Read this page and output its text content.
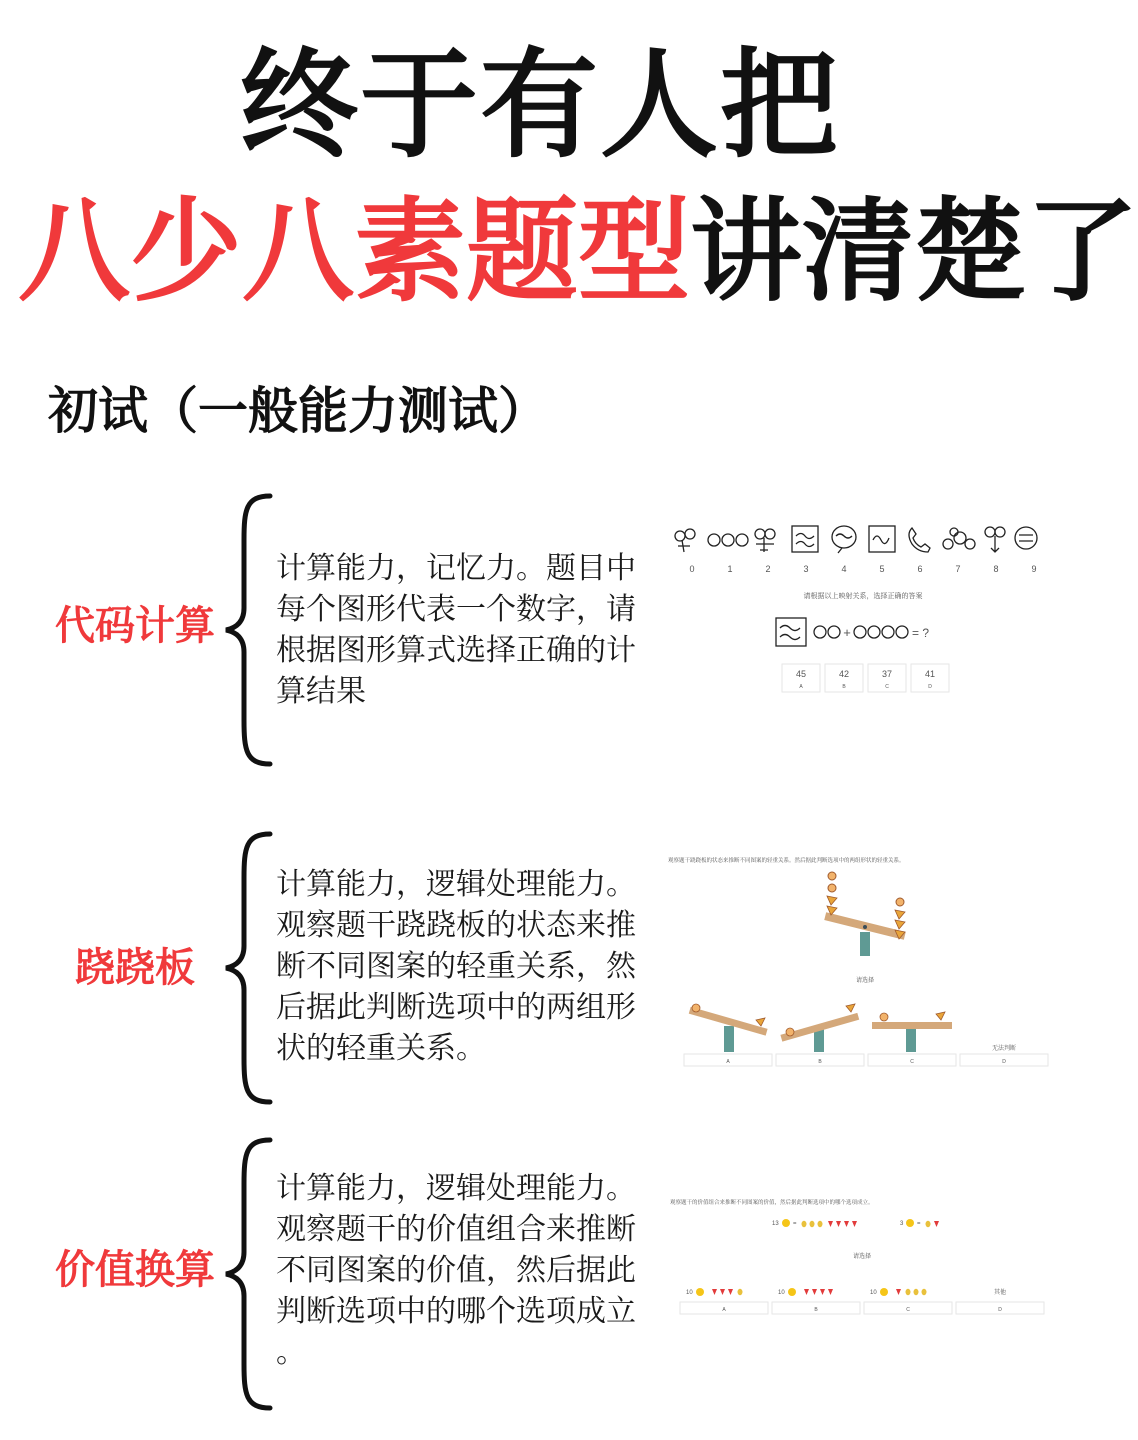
终于有人把
八少八素题型讲清楚了
初试（一般能力测试）
代码计算
计算能力，记忆力。题目中
每个图形代表一个数字，请
根据图形算式选择正确的计
算结果
0	1	2	3	4	5	6	7	8	9
请根据以上映射关系，选择正确的答案
+	= ?
45
A
42
B
37
C
41
D
跷跷板
计算能力，逻辑处理能力。
观察题干跷跷板的状态来推
断不同图案的轻重关系，然
后据此判断选项中的两组形
状的轻重关系。
观察题干跷跷板的状态来推断不同图案的轻重关系。然后据此判断选项中的两组形状的轻重关系。
请选择
A	B	C
无法判断
D
价值换算
计算能力，逻辑处理能力。
观察题干的价值组合来推断
不同图案的价值，然后据此
判断选项中的哪个选项成立
。
观察题干的价值组合来推断不同图案的价值，然后据此判断选项中的哪个选项成立。
13 =	3 =
请选择
10
A
10
B
10
C
其他
D
